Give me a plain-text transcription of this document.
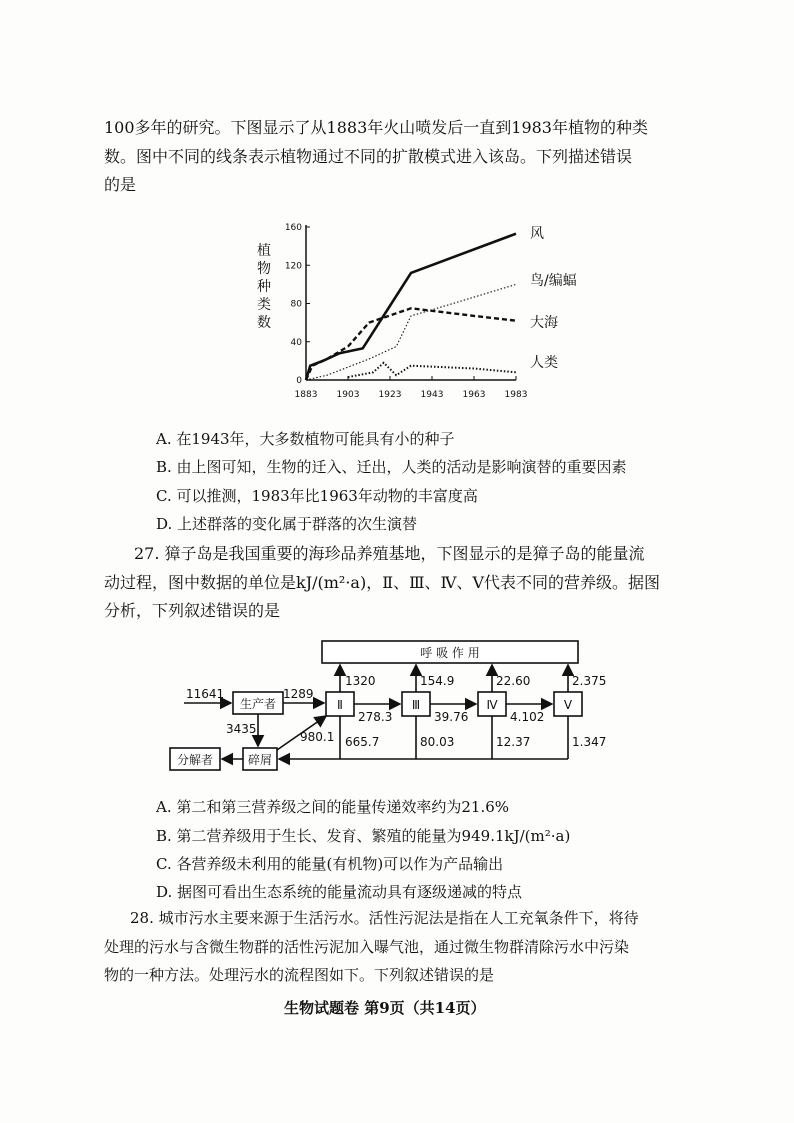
100多年的研究。下图显示了从1883年火山喷发后一直到1983年植物的种类
数。图中不同的线条表示植物通过不同的扩散模式进入该岛。下列描述错误
的是
0
40
80
120
160
1883 1903 1923 1943 1963 1983
植
物
种
类
数
风
鸟/编蝠
大海
人类
A. 在1943年，大多数植物可能具有小的种子
B. 由上图可知，生物的迁入、迁出，人类的活动是影响演替的重要因素
C. 可以推测，1983年比1963年动物的丰富度高
D. 上述群落的变化属于群落的次生演替
27. 獐子岛是我国重要的海珍品养殖基地，下图显示的是獐子岛的能量流
动过程，图中数据的单位是kJ/(m²·a)，Ⅱ、Ⅲ、Ⅳ、Ⅴ代表不同的营养级。据图
分析，下列叙述错误的是
呼 吸 作 用
生产者	Ⅱ	Ⅲ	Ⅳ	Ⅴ
碎屑
分解者
11641	1289
3435
980.1
1320	154.9	22.60	2.375
278.3	39.76	4.102
665.7	80.03	12.37	1.347
A. 第二和第三营养级之间的能量传递效率约为21.6%
B. 第二营养级用于生长、发育、繁殖的能量为949.1kJ/(m²·a)
C. 各营养级未利用的能量(有机物)可以作为产品输出
D. 据图可看出生态系统的能量流动具有逐级递减的特点
28. 城市污水主要来源于生活污水。活性污泥法是指在人工充氧条件下，将待
处理的污水与含微生物群的活性污泥加入曝气池，通过微生物群清除污水中污染
物的一种方法。处理污水的流程图如下。下列叙述错误的是
生物试题卷 第9页（共14页）
